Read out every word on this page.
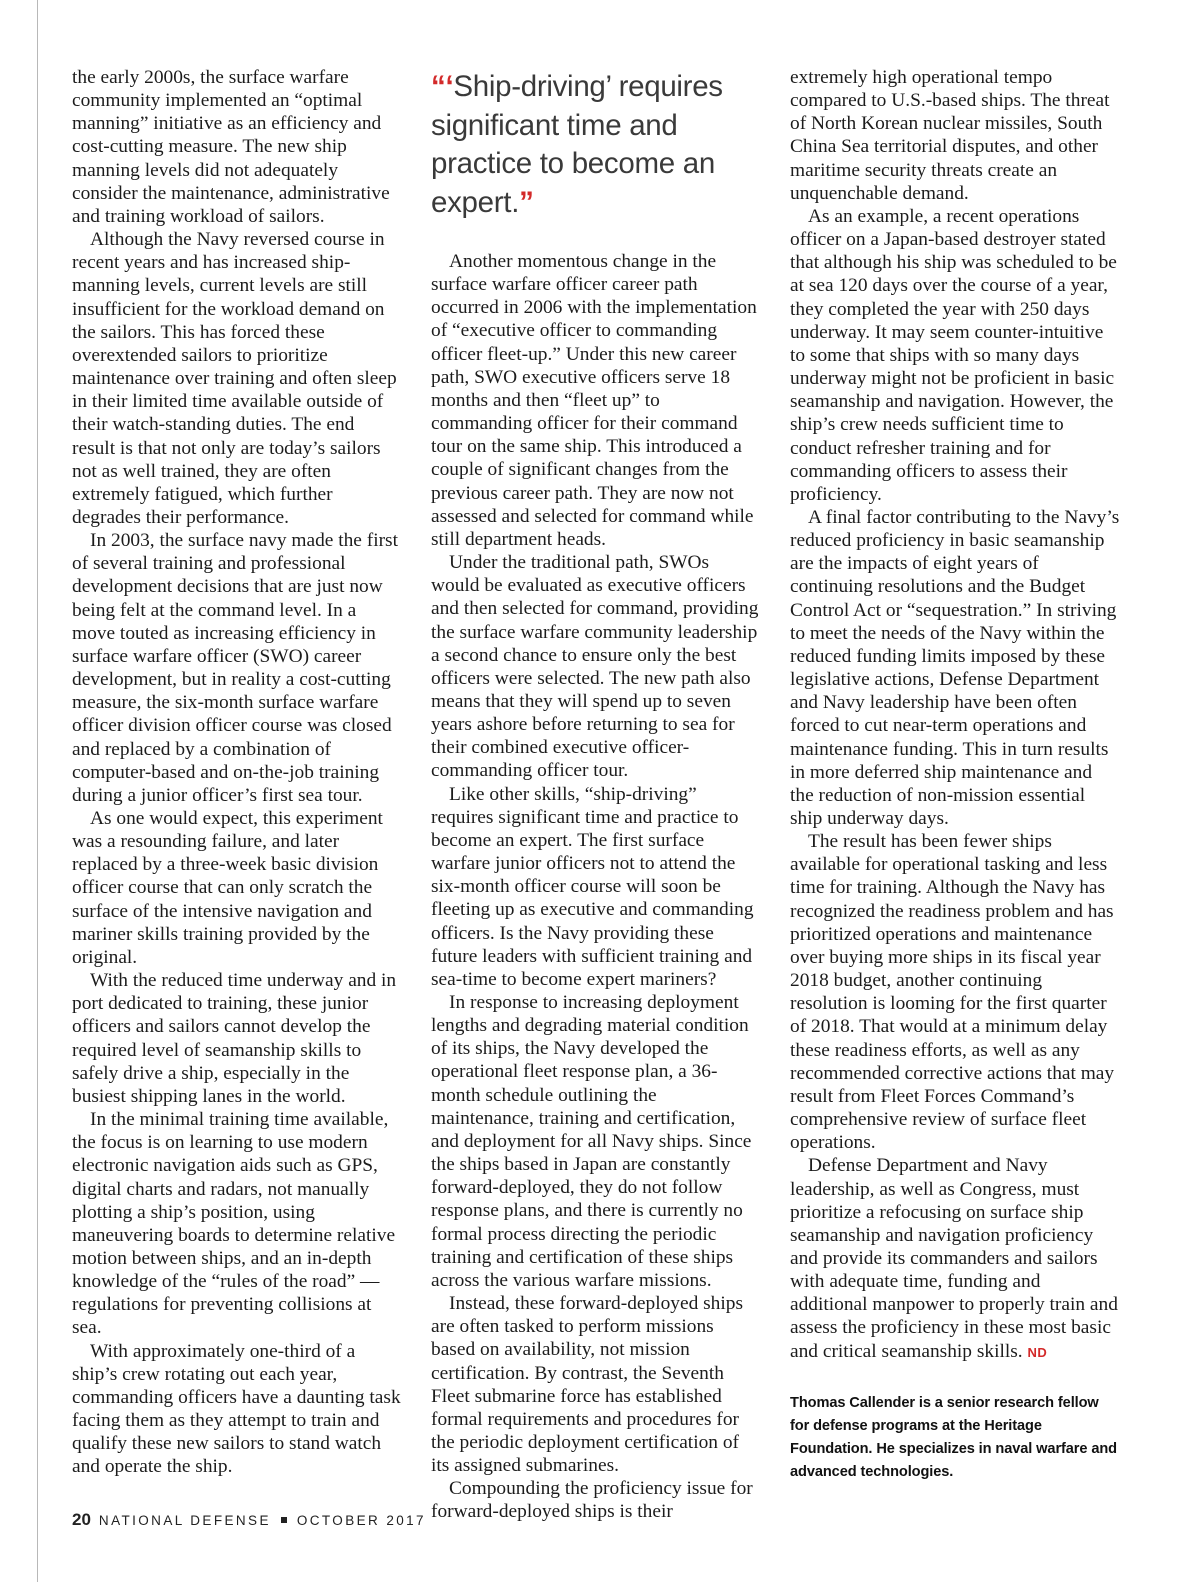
the early 2000s, the surface warfare community implemented an “optimal manning” initiative as an efficiency and cost-cutting measure. The new ship manning levels did not adequately consider the maintenance, administrative and training workload of sailors.

Although the Navy reversed course in recent years and has increased ship-manning levels, current levels are still insufficient for the workload demand on the sailors. This has forced these overextended sailors to prioritize maintenance over training and often sleep in their limited time available outside of their watch-standing duties. The end result is that not only are today’s sailors not as well trained, they are often extremely fatigued, which further degrades their performance.

In 2003, the surface navy made the first of several training and professional development decisions that are just now being felt at the command level. In a move touted as increasing efficiency in surface warfare officer (SWO) career development, but in reality a cost-cutting measure, the six-month surface warfare officer division officer course was closed and replaced by a combination of computer-based and on-the-job training during a junior officer’s first sea tour.

As one would expect, this experiment was a resounding failure, and later replaced by a three-week basic division officer course that can only scratch the surface of the intensive navigation and mariner skills training provided by the original.

With the reduced time underway and in port dedicated to training, these junior officers and sailors cannot develop the required level of seamanship skills to safely drive a ship, especially in the busiest shipping lanes in the world.

In the minimal training time available, the focus is on learning to use modern electronic navigation aids such as GPS, digital charts and radars, not manually plotting a ship’s position, using maneuvering boards to determine relative motion between ships, and an in-depth knowledge of the “rules of the road” — regulations for preventing collisions at sea.

With approximately one-third of a ship’s crew rotating out each year, commanding officers have a daunting task facing them as they attempt to train and qualify these new sailors to stand watch and operate the ship.

“‘Ship-driving’ requires significant time and practice to become an expert.”

Another momentous change in the surface warfare officer career path occurred in 2006 with the implementation of “executive officer to commanding officer fleet-up.” Under this new career path, SWO executive officers serve 18 months and then “fleet up” to commanding officer for their command tour on the same ship. This introduced a couple of significant changes from the previous career path. They are now not assessed and selected for command while still department heads.

Under the traditional path, SWOs would be evaluated as executive officers and then selected for command, providing the surface warfare community leadership a second chance to ensure only the best officers were selected. The new path also means that they will spend up to seven years ashore before returning to sea for their combined executive officer-commanding officer tour.

Like other skills, “ship-driving” requires significant time and practice to become an expert. The first surface warfare junior officers not to attend the six-month officer course will soon be fleeting up as executive and commanding officers. Is the Navy providing these future leaders with sufficient training and sea-time to become expert mariners?

In response to increasing deployment lengths and degrading material condition of its ships, the Navy developed the operational fleet response plan, a 36-month schedule outlining the maintenance, training and certification, and deployment for all Navy ships. Since the ships based in Japan are constantly forward-deployed, they do not follow response plans, and there is currently no formal process directing the periodic training and certification of these ships across the various warfare missions.

Instead, these forward-deployed ships are often tasked to perform missions based on availability, not mission certification. By contrast, the Seventh Fleet submarine force has established formal requirements and procedures for the periodic deployment certification of its assigned submarines.

Compounding the proficiency issue for forward-deployed ships is their

extremely high operational tempo compared to U.S.-based ships. The threat of North Korean nuclear missiles, South China Sea territorial disputes, and other maritime security threats create an unquenchable demand.

As an example, a recent operations officer on a Japan-based destroyer stated that although his ship was scheduled to be at sea 120 days over the course of a year, they completed the year with 250 days underway. It may seem counter-intuitive to some that ships with so many days underway might not be proficient in basic seamanship and navigation. However, the ship’s crew needs sufficient time to conduct refresher training and for commanding officers to assess their proficiency.

A final factor contributing to the Navy’s reduced proficiency in basic seamanship are the impacts of eight years of continuing resolutions and the Budget Control Act or “sequestration.” In striving to meet the needs of the Navy within the reduced funding limits imposed by these legislative actions, Defense Department and Navy leadership have been often forced to cut near-term operations and maintenance funding. This in turn results in more deferred ship maintenance and the reduction of non-mission essential ship underway days.

The result has been fewer ships available for operational tasking and less time for training. Although the Navy has recognized the readiness problem and has prioritized operations and maintenance over buying more ships in its fiscal year 2018 budget, another continuing resolution is looming for the first quarter of 2018. That would at a minimum delay these readiness efforts, as well as any recommended corrective actions that may result from Fleet Forces Command’s comprehensive review of surface fleet operations.

Defense Department and Navy leadership, as well as Congress, must prioritize a refocusing on surface ship seamanship and navigation proficiency and provide its commanders and sailors with adequate time, funding and additional manpower to properly train and assess the proficiency in these most basic and critical seamanship skills. ND

Thomas Callender is a senior research fellow for defense programs at the Heritage Foundation. He specializes in naval warfare and advanced technologies.
20 NATIONAL DEFENSE OCTOBER 2017
